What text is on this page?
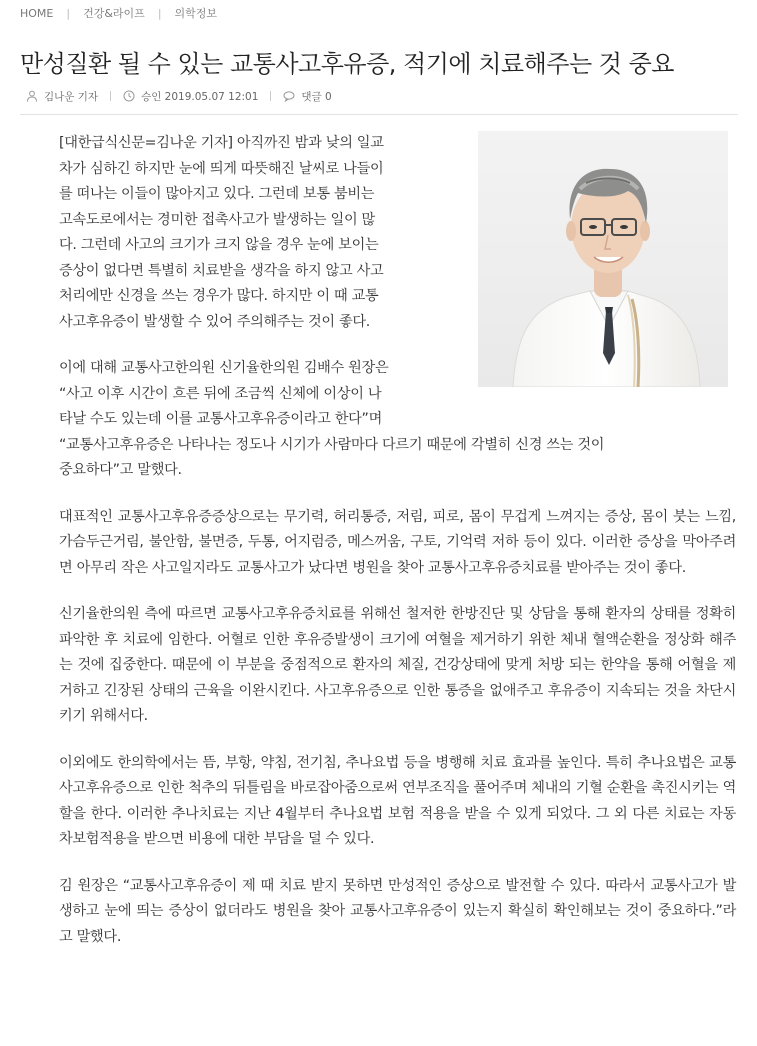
HOME | 건강&라이프 | 의학정보
만성질환 될 수 있는 교통사고후유증, 적기에 치료해주는 것 중요
김나운 기자	승인 2019.05.07 12:01	댓글 0
[대한급식신문=김나운 기자] 아직까진 밤과 낮의 일교
차가 심하긴 하지만 눈에 띄게 따뜻해진 날씨로 나들이
를 떠나는 이들이 많아지고 있다. 그런데 보통 붐비는
고속도로에서는 경미한 접촉사고가 발생하는 일이 많
다. 그런데 사고의 크기가 크지 않을 경우 눈에 보이는
증상이 없다면 특별히 치료받을 생각을 하지 않고 사고
처리에만 신경을 쓰는 경우가 많다. 하지만 이 때 교통
사고후유증이 발생할 수 있어 주의해주는 것이 좋다.
이에 대해 교통사고한의원 신기율한의원 김배수 원장은
“사고 이후 시간이 흐른 뒤에 조금씩 신체에 이상이 나
타날 수도 있는데 이를 교통사고후유증이라고 한다”며
“교통사고후유증은 나타나는 정도나 시기가 사람마다 다르기 때문에 각별히 신경 쓰는 것이
중요하다”고 말했다.

대표적인 교통사고후유증증상으로는 무기력, 허리통증, 저림, 피로, 몸이 무겁게 느껴지는 증상, 몸이 붓는 느낌, 가슴두근거림, 불안함, 불면증, 두통, 어지럼증, 메스꺼움, 구토, 기억력 저하 등이 있다. 이러한 증상을 막아주려면 아무리 작은 사고일지라도 교통사고가 났다면 병원을 찾아 교통사고후유증치료를 받아주는 것이 좋다.

신기율한의원 측에 따르면 교통사고후유증치료를 위해선 철저한 한방진단 및 상담을 통해 환자의 상태를 정확히 파악한 후 치료에 임한다. 어혈로 인한 후유증발생이 크기에 여혈을 제거하기 위한 체내 혈액순환을 정상화 해주는 것에 집중한다. 때문에 이 부분을 중점적으로 환자의 체질, 건강상태에 맞게 처방 되는 한약을 통해 어혈을 제거하고 긴장된 상태의 근육을 이완시킨다. 사고후유증으로 인한 통증을 없애주고 후유증이 지속되는 것을 차단시키기 위해서다.

이외에도 한의학에서는 뜸, 부항, 약침, 전기침, 추나요법 등을 병행해 치료 효과를 높인다. 특히 추나요법은 교통사고후유증으로 인한 척추의 뒤틀림을 바로잡아줌으로써 연부조직을 풀어주며 체내의 기혈 순환을 촉진시키는 역할을 한다. 이러한 추나치료는 지난 4월부터 추나요법 보험 적용을 받을 수 있게 되었다. 그 외 다른 치료는 자동차보험적용을 받으면 비용에 대한 부담을 덜 수 있다.

김 원장은 “교통사고후유증이 제 때 치료 받지 못하면 만성적인 증상으로 발전할 수 있다. 따라서 교통사고가 발생하고 눈에 띄는 증상이 없더라도 병원을 찾아 교통사고후유증이 있는지 확실히 확인해보는 것이 중요하다.”라고 말했다.
